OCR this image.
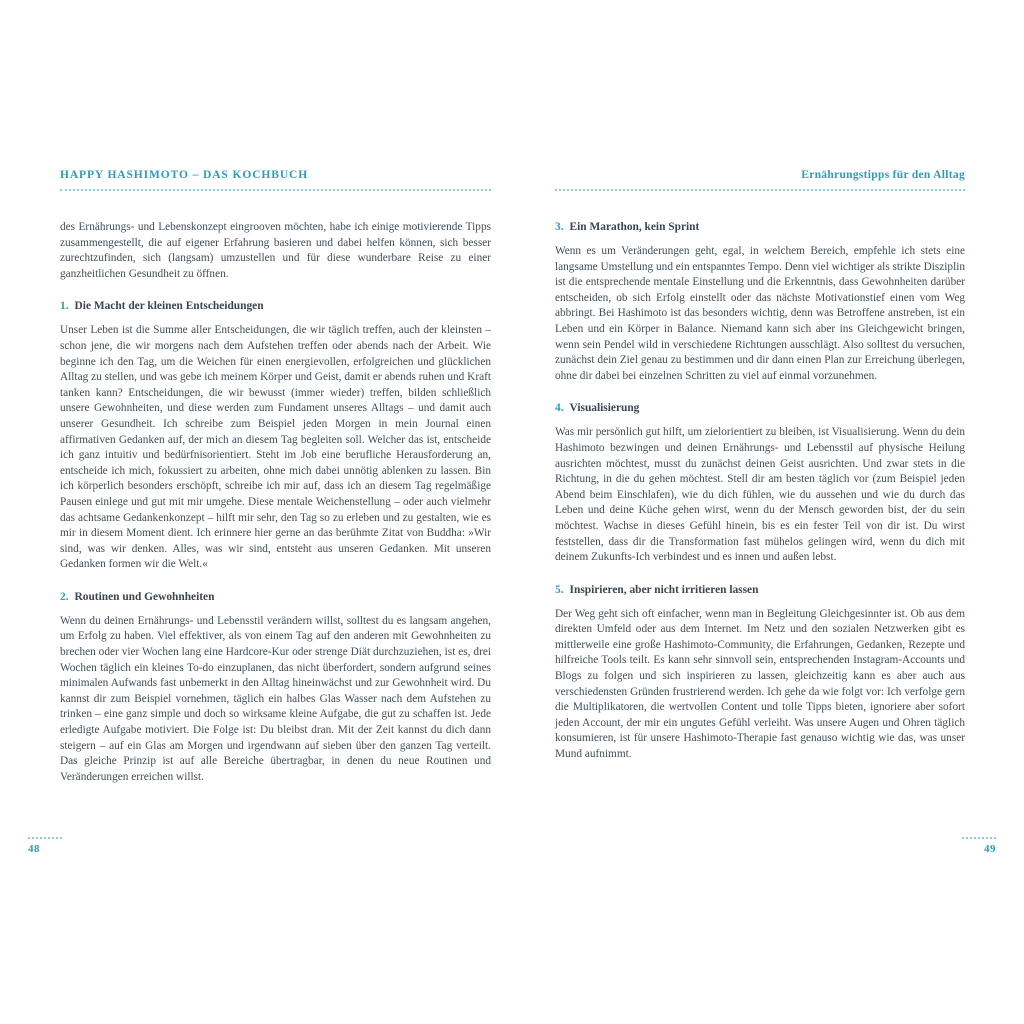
HAPPY HASHIMOTO – DAS KOCHBUCH

des Ernährungs- und Lebenskonzept eingrooven möchten, habe ich einige motivierende Tipps zusammengestellt, die auf eigener Erfahrung basieren und dabei helfen können, sich besser zurechtzufinden, sich (langsam) umzustellen und für diese wunderbare Reise zu einer ganzheitlichen Gesundheit zu öffnen.

1. Die Macht der kleinen Entscheidungen

Unser Leben ist die Summe aller Entscheidungen, die wir täglich treffen, auch der kleinsten – schon jene, die wir morgens nach dem Aufstehen treffen oder abends nach der Arbeit. Wie beginne ich den Tag, um die Weichen für einen energievollen, erfolgreichen und glücklichen Alltag zu stellen, und was gebe ich meinem Körper und Geist, damit er abends ruhen und Kraft tanken kann? Entscheidungen, die wir bewusst (immer wieder) treffen, bilden schließlich unsere Gewohnheiten, und diese werden zum Fundament unseres Alltags – und damit auch unserer Gesundheit. Ich schreibe zum Beispiel jeden Morgen in mein Journal einen affirmativen Gedanken auf, der mich an diesem Tag begleiten soll. Welcher das ist, entscheide ich ganz intuitiv und bedürfnisorientiert. Steht im Job eine berufliche Herausforderung an, entscheide ich mich, fokussiert zu arbeiten, ohne mich dabei unnötig ablenken zu lassen. Bin ich körperlich besonders erschöpft, schreibe ich mir auf, dass ich an diesem Tag regelmäßige Pausen einlege und gut mit mir umgehe. Diese mentale Weichenstellung – oder auch vielmehr das achtsame Gedankenkonzept – hilft mir sehr, den Tag so zu erleben und zu gestalten, wie es mir in diesem Moment dient. Ich erinnere hier gerne an das berühmte Zitat von Buddha: »Wir sind, was wir denken. Alles, was wir sind, entsteht aus unseren Gedanken. Mit unseren Gedanken formen wir die Welt.«

2. Routinen und Gewohnheiten

Wenn du deinen Ernährungs- und Lebensstil verändern willst, solltest du es langsam angehen, um Erfolg zu haben. Viel effektiver, als von einem Tag auf den anderen mit Gewohnheiten zu brechen oder vier Wochen lang eine Hardcore-Kur oder strenge Diät durchzuziehen, ist es, drei Wochen täglich ein kleines To-do einzuplanen, das nicht überfordert, sondern aufgrund seines minimalen Aufwands fast unbemerkt in den Alltag hineinwächst und zur Gewohnheit wird. Du kannst dir zum Beispiel vornehmen, täglich ein halbes Glas Wasser nach dem Aufstehen zu trinken – eine ganz simple und doch so wirksame kleine Aufgabe, die gut zu schaffen ist. Jede erledigte Aufgabe motiviert. Die Folge ist: Du bleibst dran. Mit der Zeit kannst du dich dann steigern – auf ein Glas am Morgen und irgendwann auf sieben über den ganzen Tag verteilt. Das gleiche Prinzip ist auf alle Bereiche übertragbar, in denen du neue Routinen und Veränderungen erreichen willst.

Ernährungstipps für den Alltag
3. Ein Marathon, kein Sprint

Wenn es um Veränderungen geht, egal, in welchem Bereich, empfehle ich stets eine langsame Umstellung und ein entspanntes Tempo. Denn viel wichtiger als strikte Disziplin ist die entsprechende mentale Einstellung und die Erkenntnis, dass Gewohnheiten darüber entscheiden, ob sich Erfolg einstellt oder das nächste Motivationstief einen vom Weg abbringt. Bei Hashimoto ist das besonders wichtig, denn was Betroffene anstreben, ist ein Leben und ein Körper in Balance. Niemand kann sich aber ins Gleichgewicht bringen, wenn sein Pendel wild in verschiedene Richtungen ausschlägt. Also solltest du versuchen, zunächst dein Ziel genau zu bestimmen und dir dann einen Plan zur Erreichung überlegen, ohne dir dabei bei einzelnen Schritten zu viel auf einmal vorzunehmen.

4. Visualisierung

Was mir persönlich gut hilft, um zielorientiert zu bleiben, ist Visualisierung. Wenn du dein Hashimoto bezwingen und deinen Ernährungs- und Lebensstil auf physische Heilung ausrichten möchtest, musst du zunächst deinen Geist ausrichten. Und zwar stets in die Richtung, in die du gehen möchtest. Stell dir am besten täglich vor (zum Beispiel jeden Abend beim Einschlafen), wie du dich fühlen, wie du aussehen und wie du durch das Leben und deine Küche gehen wirst, wenn du der Mensch geworden bist, der du sein möchtest. Wachse in dieses Gefühl hinein, bis es ein fester Teil von dir ist. Du wirst feststellen, dass dir die Transformation fast mühelos gelingen wird, wenn du dich mit deinem Zukunfts-Ich verbindest und es innen und außen lebst.

5. Inspirieren, aber nicht irritieren lassen

Der Weg geht sich oft einfacher, wenn man in Begleitung Gleichgesinnter ist. Ob aus dem direkten Umfeld oder aus dem Internet. Im Netz und den sozialen Netzwerken gibt es mittlerweile eine große Hashimoto-Community, die Erfahrungen, Gedanken, Rezepte und hilfreiche Tools teilt. Es kann sehr sinnvoll sein, entsprechenden Instagram-Accounts und Blogs zu folgen und sich inspirieren zu lassen, gleichzeitig kann es aber auch aus verschiedensten Gründen frustrierend werden. Ich gehe da wie folgt vor: Ich verfolge gern die Multiplikatoren, die wertvollen Content und tolle Tipps bieten, ignoriere aber sofort jeden Account, der mir ein ungutes Gefühl verleiht. Was unsere Augen und Ohren täglich konsumieren, ist für unsere Hashimoto-Therapie fast genauso wichtig wie das, was unser Mund aufnimmt.

48	49
